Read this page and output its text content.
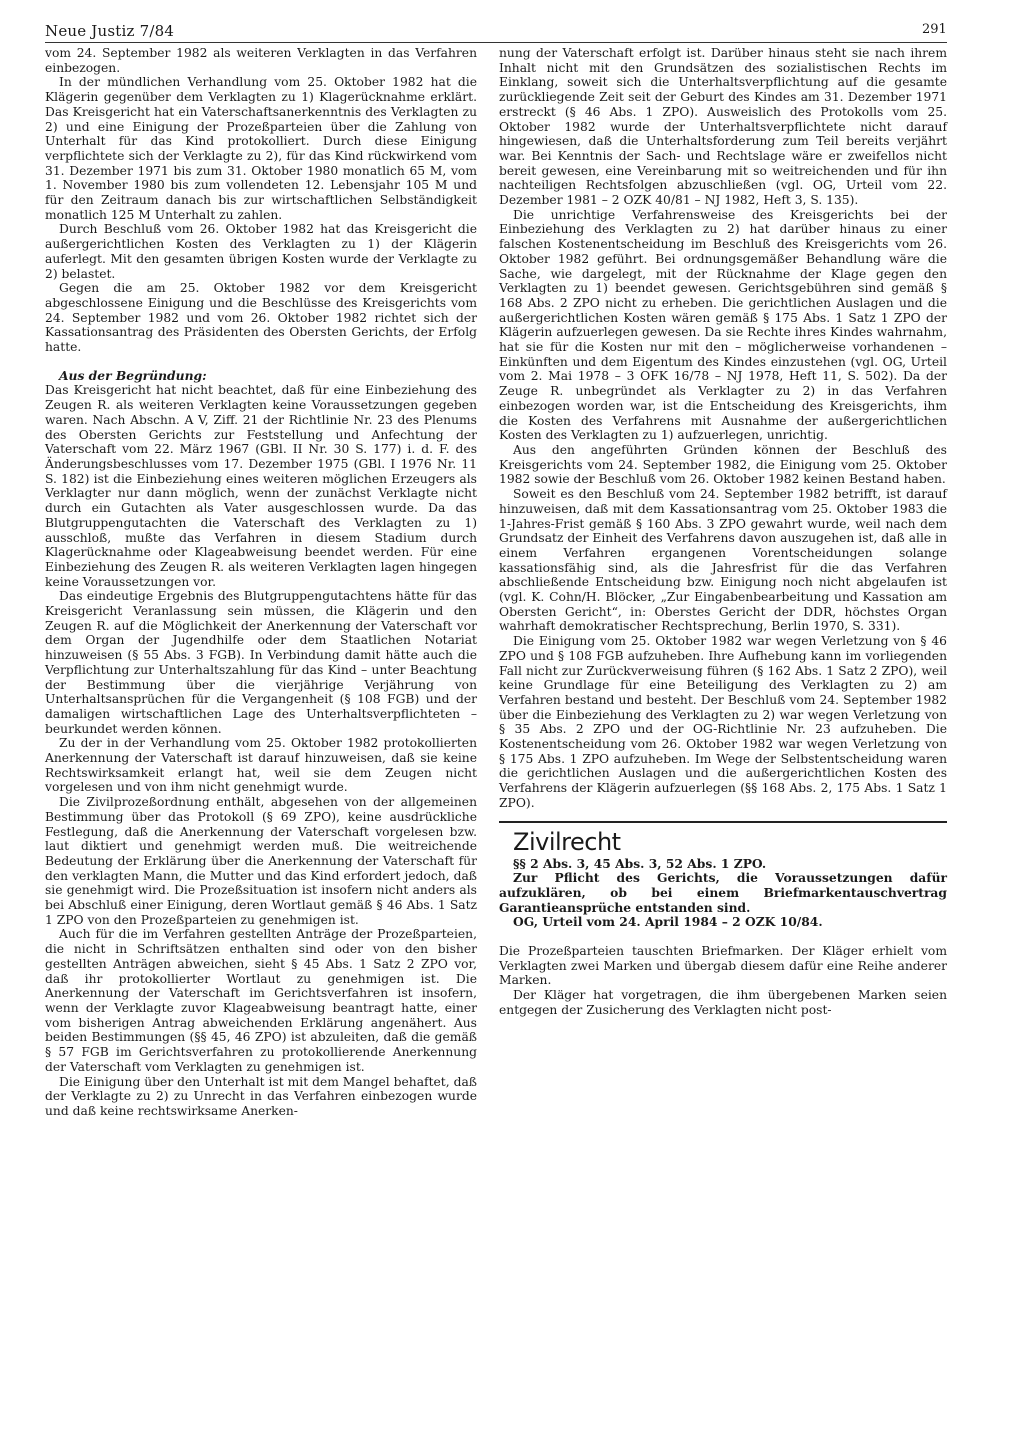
Neue Justiz 7/84	291

vom 24. September 1982 als weiteren Verklagten in das Verfahren einbezogen.

In der mündlichen Verhandlung vom 25. Oktober 1982 hat die Klägerin gegenüber dem Verklagten zu 1) Klagerücknahme erklärt. Das Kreisgericht hat ein Vaterschaftsanerkenntnis des Verklagten zu 2) und eine Einigung der Prozeßparteien über die Zahlung von Unterhalt für das Kind protokolliert. Durch diese Einigung verpflichtete sich der Verklagte zu 2), für das Kind rückwirkend vom 31. Dezember 1971 bis zum 31. Oktober 1980 monatlich 65 M, vom 1. November 1980 bis zum vollendeten 12. Lebensjahr 105 M und für den Zeitraum danach bis zur wirtschaftlichen Selbständigkeit monatlich 125 M Unterhalt zu zahlen.

Durch Beschluß vom 26. Oktober 1982 hat das Kreisgericht die außergerichtlichen Kosten des Verklagten zu 1) der Klägerin auferlegt. Mit den gesamten übrigen Kosten wurde der Verklagte zu 2) belastet.

Gegen die am 25. Oktober 1982 vor dem Kreisgericht abgeschlossene Einigung und die Beschlüsse des Kreisgerichts vom 24. September 1982 und vom 26. Oktober 1982 richtet sich der Kassationsantrag des Präsidenten des Obersten Gerichts, der Erfolg hatte.

Aus der Begründung:

Das Kreisgericht hat nicht beachtet, daß für eine Einbeziehung des Zeugen R. als weiteren Verklagten keine Voraussetzungen gegeben waren. Nach Abschn. A V, Ziff. 21 der Richtlinie Nr. 23 des Plenums des Obersten Gerichts zur Feststellung und Anfechtung der Vaterschaft vom 22. März 1967 (GBl. II Nr. 30 S. 177) i. d. F. des Änderungsbeschlusses vom 17. Dezember 1975 (GBl. I 1976 Nr. 11 S. 182) ist die Einbeziehung eines weiteren möglichen Erzeugers als Verklagter nur dann möglich, wenn der zunächst Verklagte nicht durch ein Gutachten als Vater ausgeschlossen wurde. Da das Blutgruppengutachten die Vaterschaft des Verklagten zu 1) ausschloß, mußte das Verfahren in diesem Stadium durch Klagerücknahme oder Klageabweisung beendet werden. Für eine Einbeziehung des Zeugen R. als weiteren Verklagten lagen hingegen keine Voraussetzungen vor.

Das eindeutige Ergebnis des Blutgruppengutachtens hätte für das Kreisgericht Veranlassung sein müssen, die Klägerin und den Zeugen R. auf die Möglichkeit der Anerkennung der Vaterschaft vor dem Organ der Jugendhilfe oder dem Staatlichen Notariat hinzuweisen (§ 55 Abs. 3 FGB). In Verbindung damit hätte auch die Verpflichtung zur Unterhaltszahlung für das Kind – unter Beachtung der Bestimmung über die vierjährige Verjährung von Unterhaltsansprüchen für die Vergangenheit (§ 108 FGB) und der damaligen wirtschaftlichen Lage des Unterhaltsverpflichteten – beurkundet werden können.

Zu der in der Verhandlung vom 25. Oktober 1982 protokollierten Anerkennung der Vaterschaft ist darauf hinzuweisen, daß sie keine Rechtswirksamkeit erlangt hat, weil sie dem Zeugen nicht vorgelesen und von ihm nicht genehmigt wurde.

Die Zivilprozeßordnung enthält, abgesehen von der allgemeinen Bestimmung über das Protokoll (§ 69 ZPO), keine ausdrückliche Festlegung, daß die Anerkennung der Vaterschaft vorgelesen bzw. laut diktiert und genehmigt werden muß. Die weitreichende Bedeutung der Erklärung über die Anerkennung der Vaterschaft für den verklagten Mann, die Mutter und das Kind erfordert jedoch, daß sie genehmigt wird. Die Prozeßsituation ist insofern nicht anders als bei Abschluß einer Einigung, deren Wortlaut gemäß § 46 Abs. 1 Satz 1 ZPO von den Prozeßparteien zu genehmigen ist.

Auch für die im Verfahren gestellten Anträge der Prozeßparteien, die nicht in Schriftsätzen enthalten sind oder von den bisher gestellten Anträgen abweichen, sieht § 45 Abs. 1 Satz 2 ZPO vor, daß ihr protokollierter Wortlaut zu genehmigen ist. Die Anerkennung der Vaterschaft im Gerichtsverfahren ist insofern, wenn der Verklagte zuvor Klageabweisung beantragt hatte, einer vom bisherigen Antrag abweichenden Erklärung angenähert. Aus beiden Bestimmungen (§§ 45, 46 ZPO) ist abzuleiten, daß die gemäß § 57 FGB im Gerichtsverfahren zu protokollierende Anerkennung der Vaterschaft vom Verklagten zu genehmigen ist.

Die Einigung über den Unterhalt ist mit dem Mangel behaftet, daß der Verklagte zu 2) zu Unrecht in das Verfahren einbezogen wurde und daß keine rechtswirksame Anerken-

nung der Vaterschaft erfolgt ist. Darüber hinaus steht sie nach ihrem Inhalt nicht mit den Grundsätzen des sozialistischen Rechts im Einklang, soweit sich die Unterhaltsverpflichtung auf die gesamte zurückliegende Zeit seit der Geburt des Kindes am 31. Dezember 1971 erstreckt (§ 46 Abs. 1 ZPO). Ausweislich des Protokolls vom 25. Oktober 1982 wurde der Unterhaltsverpflichtete nicht darauf hingewiesen, daß die Unterhaltsforderung zum Teil bereits verjährt war. Bei Kenntnis der Sach- und Rechtslage wäre er zweifellos nicht bereit gewesen, eine Vereinbarung mit so weitreichenden und für ihn nachteiligen Rechtsfolgen abzuschließen (vgl. OG, Urteil vom 22. Dezember 1981 – 2 OZK 40/81 – NJ 1982, Heft 3, S. 135).

Die unrichtige Verfahrensweise des Kreisgerichts bei der Einbeziehung des Verklagten zu 2) hat darüber hinaus zu einer falschen Kostenentscheidung im Beschluß des Kreisgerichts vom 26. Oktober 1982 geführt. Bei ordnungsgemäßer Behandlung wäre die Sache, wie dargelegt, mit der Rücknahme der Klage gegen den Verklagten zu 1) beendet gewesen. Gerichtsgebühren sind gemäß § 168 Abs. 2 ZPO nicht zu erheben. Die gerichtlichen Auslagen und die außergerichtlichen Kosten wären gemäß § 175 Abs. 1 Satz 1 ZPO der Klägerin aufzuerlegen gewesen. Da sie Rechte ihres Kindes wahrnahm, hat sie für die Kosten nur mit den – möglicherweise vorhandenen – Einkünften und dem Eigentum des Kindes einzustehen (vgl. OG, Urteil vom 2. Mai 1978 – 3 OFK 16/78 – NJ 1978, Heft 11, S. 502). Da der Zeuge R. unbegründet als Verklagter zu 2) in das Verfahren einbezogen worden war, ist die Entscheidung des Kreisgerichts, ihm die Kosten des Verfahrens mit Ausnahme der außergerichtlichen Kosten des Verklagten zu 1) aufzuerlegen, unrichtig.

Aus den angeführten Gründen können der Beschluß des Kreisgerichts vom 24. September 1982, die Einigung vom 25. Oktober 1982 sowie der Beschluß vom 26. Oktober 1982 keinen Bestand haben.

Soweit es den Beschluß vom 24. September 1982 betrifft, ist darauf hinzuweisen, daß mit dem Kassationsantrag vom 25. Oktober 1983 die 1-Jahres-Frist gemäß § 160 Abs. 3 ZPO gewahrt wurde, weil nach dem Grundsatz der Einheit des Verfahrens davon auszugehen ist, daß alle in einem Verfahren ergangenen Vorentscheidungen solange kassationsfähig sind, als die Jahresfrist für die das Verfahren abschließende Entscheidung bzw. Einigung noch nicht abgelaufen ist (vgl. K. Cohn/H. Blöcker, „Zur Eingabenbearbeitung und Kassation am Obersten Gericht“, in: Oberstes Gericht der DDR, höchstes Organ wahrhaft demokratischer Rechtsprechung, Berlin 1970, S. 331).

Die Einigung vom 25. Oktober 1982 war wegen Verletzung von § 46 ZPO und § 108 FGB aufzuheben. Ihre Aufhebung kann im vorliegenden Fall nicht zur Zurückverweisung führen (§ 162 Abs. 1 Satz 2 ZPO), weil keine Grundlage für eine Beteiligung des Verklagten zu 2) am Verfahren bestand und besteht. Der Beschluß vom 24. September 1982 über die Einbeziehung des Verklagten zu 2) war wegen Verletzung von § 35 Abs. 2 ZPO und der OG-Richtlinie Nr. 23 aufzuheben. Die Kostenentscheidung vom 26. Oktober 1982 war wegen Verletzung von § 175 Abs. 1 ZPO aufzuheben. Im Wege der Selbstentscheidung waren die gerichtlichen Auslagen und die außergerichtlichen Kosten des Verfahrens der Klägerin aufzuerlegen (§§ 168 Abs. 2, 175 Abs. 1 Satz 1 ZPO).

Zivilrecht

§§ 2 Abs. 3, 45 Abs. 3, 52 Abs. 1 ZPO.

Zur Pflicht des Gerichts, die Voraussetzungen dafür aufzuklären, ob bei einem Briefmarkentauschvertrag Garantieansprüche entstanden sind.

OG, Urteil vom 24. April 1984 – 2 OZK 10/84.

Die Prozeßparteien tauschten Briefmarken. Der Kläger erhielt vom Verklagten zwei Marken und übergab diesem dafür eine Reihe anderer Marken.

Der Kläger hat vorgetragen, die ihm übergebenen Marken seien entgegen der Zusicherung des Verklagten nicht post-
